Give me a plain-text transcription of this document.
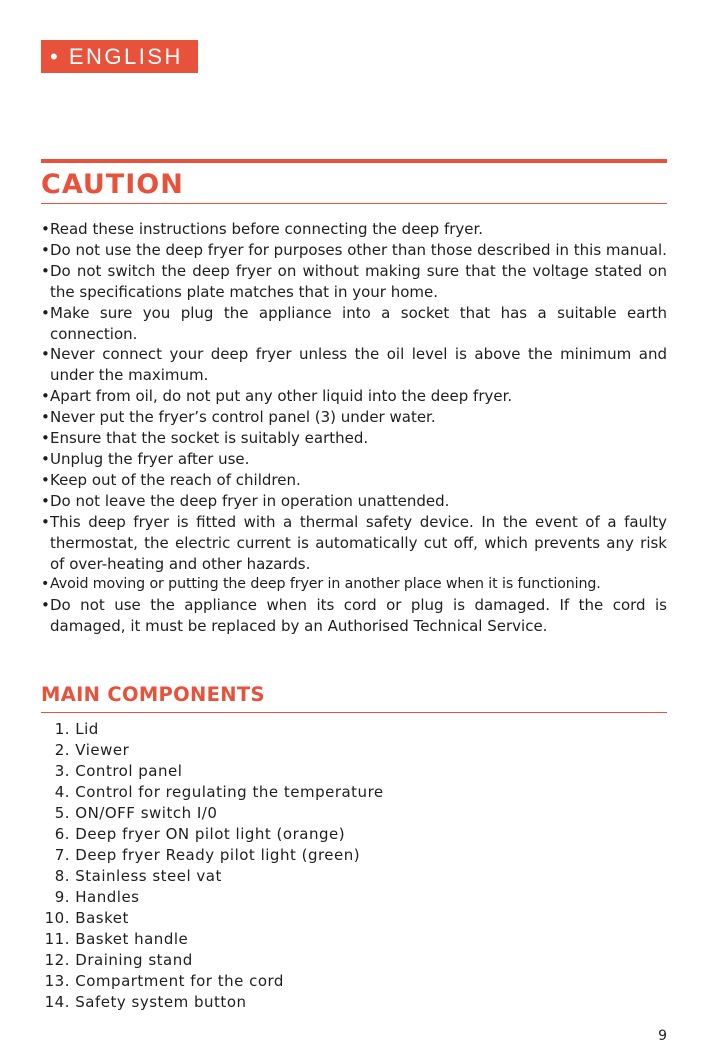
• ENGLISH
CAUTION
• Read these instructions before connecting the deep fryer.
• Do not use the deep fryer for purposes other than those described in this manual.
• Do not switch the deep fryer on without making sure that the voltage stated on the specifications plate matches that in your home.
• Make sure you plug the appliance into a socket that has a suitable earth connection.
• Never connect your deep fryer unless the oil level is above the minimum and under the maximum.
• Apart from oil, do not put any other liquid into the deep fryer.
• Never put the fryer’s control panel (3) under water.
• Ensure that the socket is suitably earthed.
• Unplug the fryer after use.
• Keep out of the reach of children.
• Do not leave the deep fryer in operation unattended.
• This deep fryer is fitted with a thermal safety device. In the event of a faulty thermostat, the electric current is automatically cut off, which prevents any risk of over-heating and other hazards.
• Avoid moving or putting the deep fryer in another place when it is functioning.
• Do not use the appliance when its cord or plug is damaged. If the cord is damaged, it must be replaced by an Authorised Technical Service.
MAIN COMPONENTS
1. Lid
2. Viewer
3. Control panel
4. Control for regulating the temperature
5. ON/OFF switch I/0
6. Deep fryer ON pilot light (orange)
7. Deep fryer Ready pilot light (green)
8. Stainless steel vat
9. Handles
10. Basket
11. Basket handle
12. Draining stand
13. Compartment for the cord
14. Safety system button
9
